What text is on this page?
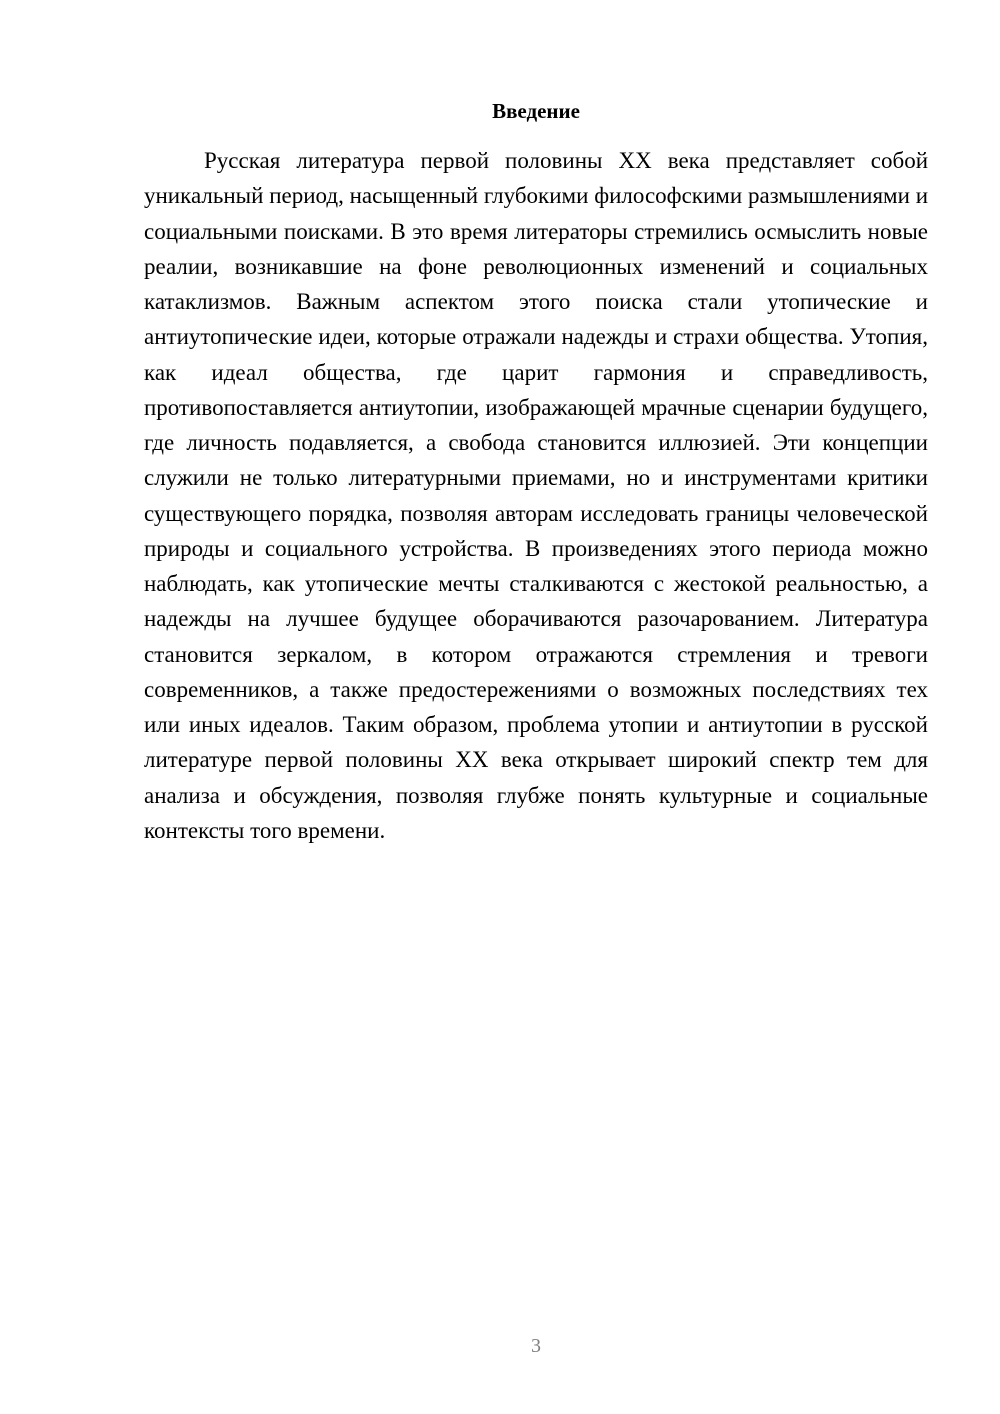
Введение

Русская литература первой половины XX века представляет собой уникальный период, насыщенный глубокими философскими размышлениями и социальными поисками. В это время литераторы стремились осмыслить новые реалии, возникавшие на фоне революционных изменений и социальных катаклизмов. Важным аспектом этого поиска стали утопические и антиутопические идеи, которые отражали надежды и страхи общества. Утопия, как идеал общества, где царит гармония и справедливость, противопоставляется антиутопии, изображающей мрачные сценарии будущего, где личность подавляется, а свобода становится иллюзией. Эти концепции служили не только литературными приемами, но и инструментами критики существующего порядка, позволяя авторам исследовать границы человеческой природы и социального устройства. В произведениях этого периода можно наблюдать, как утопические мечты сталкиваются с жестокой реальностью, а надежды на лучшее будущее оборачиваются разочарованием. Литература становится зеркалом, в котором отражаются стремления и тревоги современников, а также предостережениями о возможных последствиях тех или иных идеалов. Таким образом, проблема утопии и антиутопии в русской литературе первой половины XX века открывает широкий спектр тем для анализа и обсуждения, позволяя глубже понять культурные и социальные контексты того времени.

3
